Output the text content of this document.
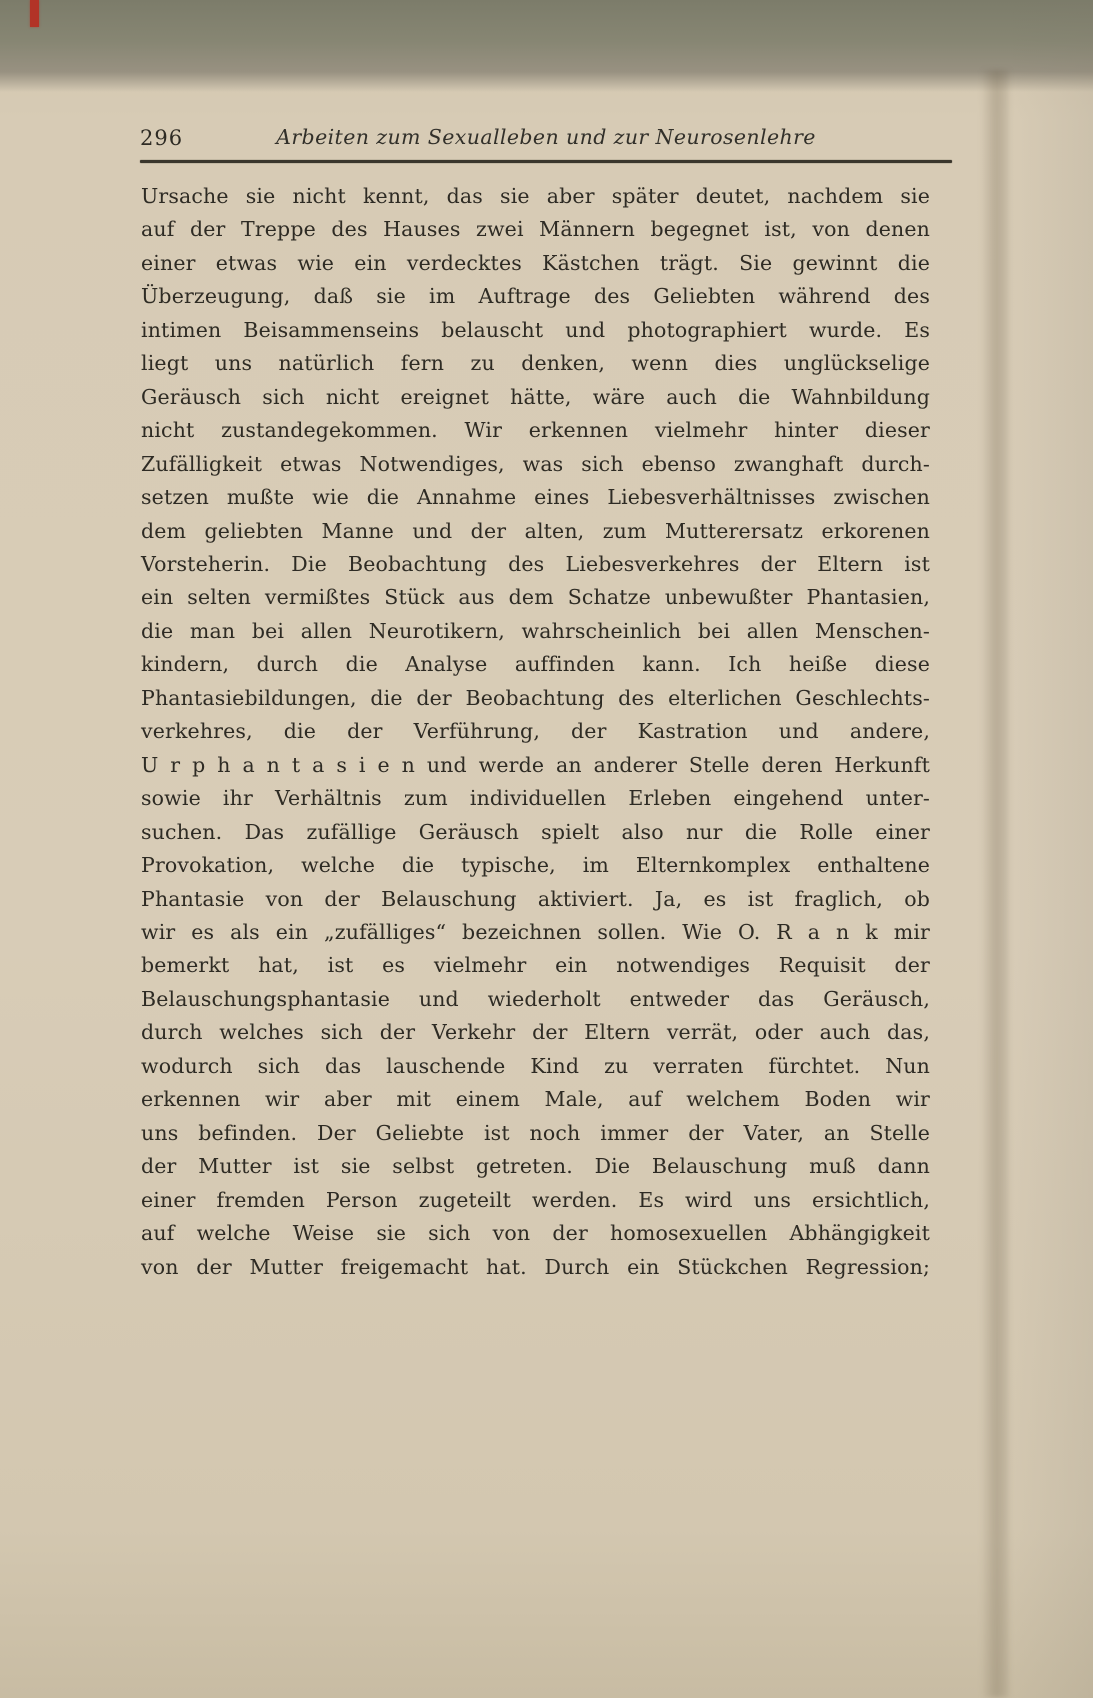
296	Arbeiten zum Sexualleben und zur Neurosenlehre
Ursache sie nicht kennt, das sie aber später deutet, nachdem sie
auf der Treppe des Hauses zwei Männern begegnet ist, von denen
einer etwas wie ein verdecktes Kästchen trägt. Sie gewinnt die
Überzeugung, daß sie im Auftrage des Geliebten während des
intimen Beisammenseins belauscht und photographiert wurde. Es
liegt uns natürlich fern zu denken, wenn dies unglückselige
Geräusch sich nicht ereignet hätte, wäre auch die Wahnbildung
nicht zustandegekommen. Wir erkennen vielmehr hinter dieser
Zufälligkeit etwas Notwendiges, was sich ebenso zwanghaft durch-
setzen mußte wie die Annahme eines Liebesverhältnisses zwischen
dem geliebten Manne und der alten, zum Mutterersatz erkorenen
Vorsteherin. Die Beobachtung des Liebesverkehres der Eltern ist
ein selten vermißtes Stück aus dem Schatze unbewußter Phantasien,
die man bei allen Neurotikern, wahrscheinlich bei allen Menschen-
kindern, durch die Analyse auffinden kann. Ich heiße diese
Phantasiebildungen, die der Beobachtung des elterlichen Geschlechts-
verkehres, die der Verführung, der Kastration und andere,
U r p h a n t a s i e n und werde an anderer Stelle deren Herkunft
sowie ihr Verhältnis zum individuellen Erleben eingehend unter-
suchen. Das zufällige Geräusch spielt also nur die Rolle einer
Provokation, welche die typische, im Elternkomplex enthaltene
Phantasie von der Belauschung aktiviert. Ja, es ist fraglich, ob
wir es als ein „zufälliges“ bezeichnen sollen. Wie O. R a n k mir
bemerkt hat, ist es vielmehr ein notwendiges Requisit der
Belauschungsphantasie und wiederholt entweder das Geräusch,
durch welches sich der Verkehr der Eltern verrät, oder auch das,
wodurch sich das lauschende Kind zu verraten fürchtet. Nun
erkennen wir aber mit einem Male, auf welchem Boden wir
uns befinden. Der Geliebte ist noch immer der Vater, an Stelle
der Mutter ist sie selbst getreten. Die Belauschung muß dann
einer fremden Person zugeteilt werden. Es wird uns ersichtlich,
auf welche Weise sie sich von der homosexuellen Abhängigkeit
von der Mutter freigemacht hat. Durch ein Stückchen Regression;
